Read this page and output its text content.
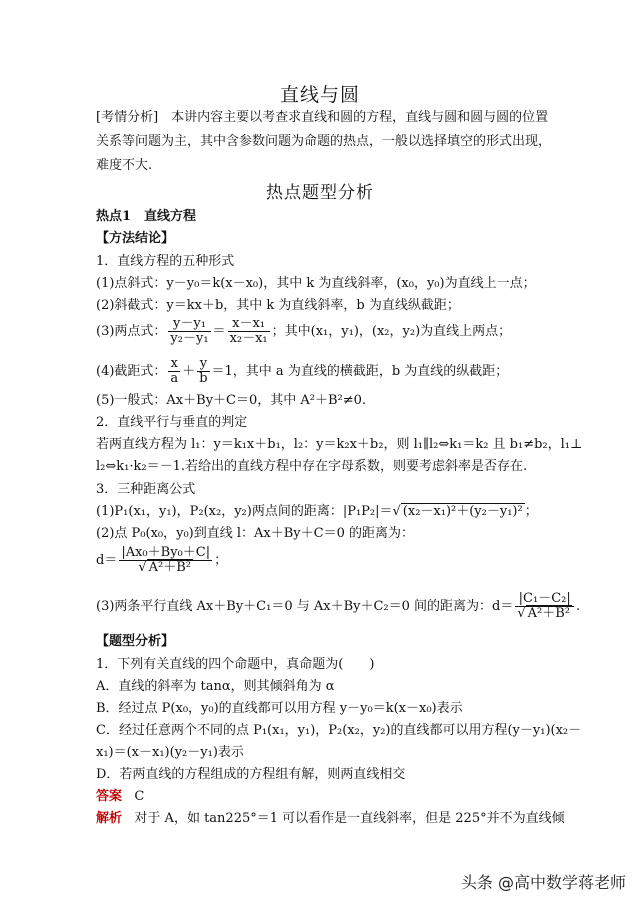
直线与圆
[考情分析]　本讲内容主要以考查求直线和圆的方程，直线与圆和圆与圆的位置
关系等问题为主，其中含参数问题为命题的热点，一般以选择填空的形式出现，
难度不大.
热点题型分析
热点1　直线方程
【方法结论】
1．直线方程的五种形式
(1)点斜式：y－y₀＝k(x－x₀)，其中 k 为直线斜率，(x₀，y₀)为直线上一点；
(2)斜截式：y＝kx＋b，其中 k 为直线斜率，b 为直线纵截距；
(3)两点式： $\frac{\text{y－y₁}}{\text{y₂－y₁}} = \frac{\text{x－x₁}}{\text{x₂－x₁}}$ ；其中(x₁，y₁)，(x₂，y₂)为直线上两点；
(4)截距式： $\frac{x}{a} + \frac{y}{b} =1$，其中 a 为直线的横截距，b 为直线的纵截距；
(5)一般式：Ax＋By＋C＝0，其中 A²＋B²≠0.
2．直线平行与垂直的判定
若两直线方程为 l₁：y＝k₁x＋b₁，l₂：y＝k₂x＋b₂，则 l₁∥l₂⇔k₁＝k₂ 且 b₁≠b₂，l₁⊥
l₂⇔k₁·k₂＝－1.若给出的直线方程中存在字母系数，则要考虑斜率是否存在.
3．三种距离公式
(1)P₁(x₁，y₁)，P₂(x₂，y₂)两点间的距离：|P₁P₂|＝√ (x₂－x₁)²＋(y₂－y₁)² ；
(2)点 P₀(x₀，y₀)到直线 l：Ax＋By＋C＝0 的距离为：
$d= \frac{\text{|Ax₀＋By₀＋C|}}{\text{√ A²＋B²}}$ ；
(3)两条平行直线 Ax＋By＋C₁＝0 与 Ax＋By＋C₂＝0 间的距离为：$d= \frac{\text{|C₁－C₂|}}{\text{√ A²＋B²}}$ .
【题型分析】
1．下列有关直线的四个命题中，真命题为(　　)
A．直线的斜率为 tanα，则其倾斜角为 α
B．经过点 P(x₀，y₀)的直线都可以用方程 y－y₀＝k(x－x₀)表示
C．经过任意两个不同的点 P₁(x₁，y₁)，P₂(x₂，y₂)的直线都可以用方程(y－y₁)(x₂－
x₁)＝(x－x₁)(y₂－y₁)表示
D．若两直线的方程组成的方程组有解，则两直线相交
答案 C
解析 对于 A，如 tan225°＝1 可以看作是一直线斜率，但是 225°并不为直线倾
头条 @高中数学蒋老师
